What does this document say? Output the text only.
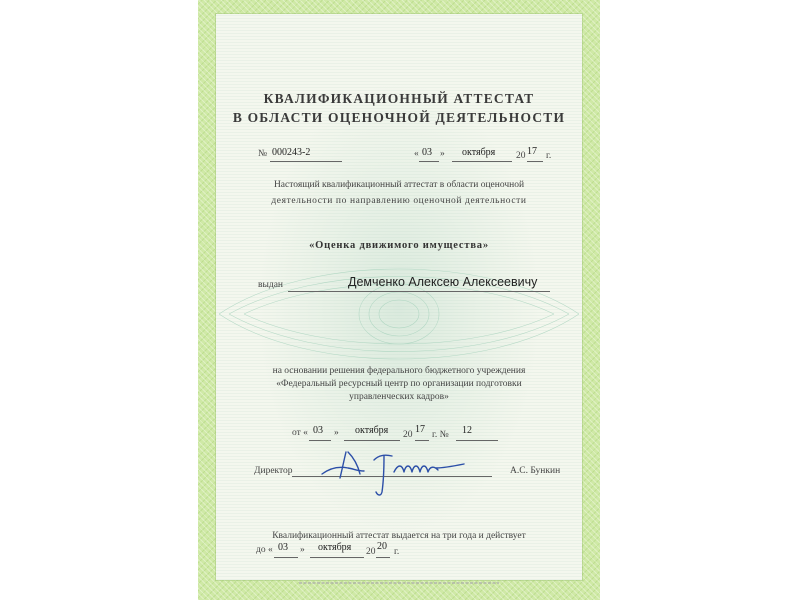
КВАЛИФИКАЦИОННЫЙ АТТЕСТАТ
В ОБЛАСТИ ОЦЕНОЧНОЙ ДЕЯТЕЛЬНОСТИ
№ 000243-2	« 03 » октября 20 17 г.
Настоящий квалификационный аттестат в области оценочной
деятельности по направлению оценочной деятельности
«Оценка движимого имущества»
выдан	Демченко Алексею Алексеевичу
на основании решения федерального бюджетного учреждения
«Федеральный ресурсный центр по организации подготовки
управленческих кадров»
от « 03 » октября 20 17 г. № 12
Директор	А.С. Бункин
Квалификационный аттестат выдается на три года и действует
до « 03 » октября 20 20 г.
